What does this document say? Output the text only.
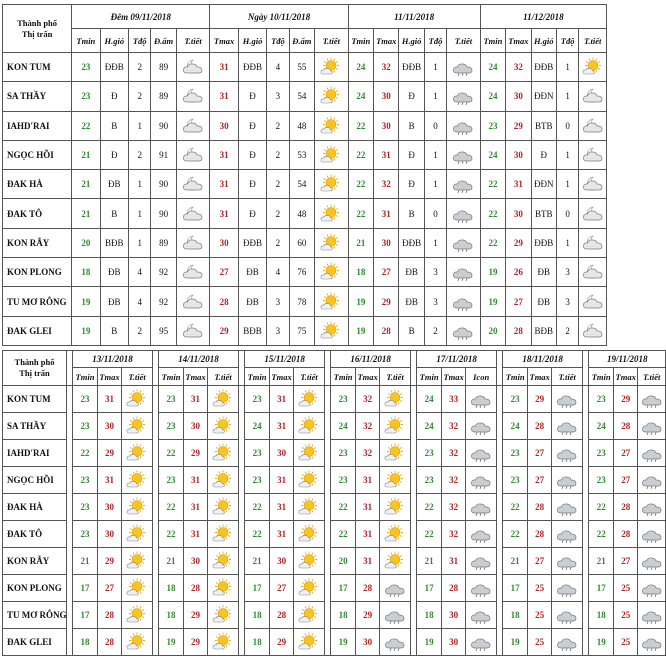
Thành phố
Thị trấn	Đêm 09/11/2018					Ngày 10/11/2018					11/11/2018					11/12/2018				
	Tmin	H.gió	Tđộ	Đ.ẩm	T.tiết	Tmax	H.gió	Tđộ	Đ.ẩm	T.tiết	Tmin	Tmax	H.gió	Tđộ	T.tiết	Tmin	Tmax	H.gió	Tđộ	T.tiết
KON TUM	23	ĐĐB	2	89		31	ĐĐB	4	55		24	32	ĐĐB	1		24	32	ĐĐB	1	
SA THẦY	23	Đ	2	89		31	Đ	3	54		24	30	Đ	1		24	30	ĐĐN	1	
IAHD'RAI	22	B	1	90		30	Đ	2	48		22	30	B	0		23	29	BTB	0	
NGỌC HỒI	21	Đ	2	91		31	Đ	2	53		22	31	Đ	1		24	30	Đ	1	
ĐAK HÀ	21	ĐB	1	90		31	Đ	2	54		22	32	Đ	1		22	31	ĐĐN	1	
ĐAK TÔ	21	B	1	90		31	Đ	2	48		22	31	B	0		22	30	BTB	0	
KON RẪY	20	BĐB	1	89		30	ĐĐB	2	60		21	30	ĐĐB	1		22	29	ĐĐB	1	
KON PLONG	18	ĐB	4	92		27	ĐB	4	76		18	27	ĐB	3		19	26	ĐB	3	
TU MƠ RÔNG	19	ĐB	4	92		28	ĐB	3	78		19	29	ĐB	3		19	27	ĐB	3	
ĐAK GLEI	19	B	2	95		29	BĐB	3	75		19	28	B	2		20	28	BĐB	2	
Thành phố
Thị trấn		13/11/2018				14/11/2018				15/11/2018				16/11/2018				17/11/2018				18/11/2018				19/11/2018		
		Tmin	Tmax	T.tiết		Tmin	Tmax	T.tiết		Tmin	Tmax	T.tiết		Tmin	Tmax	T.tiết		Tmin	Tmax	Icon		Tmin	Tmax	T.tiết		Tmin	Tmax	T.tiết
KON TUM		23	31			23	31			23	31			23	32			24	33			23	29			23	29	
SA THẦY		23	30			23	30			24	31			24	32			24	32			24	28			24	28	
IAHD'RAI		22	29			22	29			23	30			23	32			23	32			23	27			23	27	
NGỌC HỒI		23	31			23	31			23	31			23	31			23	32			23	27			23	27	
ĐAK HÀ		23	30			22	31			22	31			22	31			22	32			22	28			22	28	
ĐAK TÔ		23	30			22	31			22	31			22	31			22	32			22	28			22	28	
KON RẪY		21	29			21	30			21	30			20	31			21	31			21	27			21	27	
KON PLONG		17	27			18	28			17	27			17	28			17	28			17	25			17	25	
TU MƠ RÔNG		17	28			18	29			18	28			18	29			18	30			18	25			18	25	
ĐAK GLEI		18	28			19	29			18	29			19	30			19	30			19	25			19	25	
